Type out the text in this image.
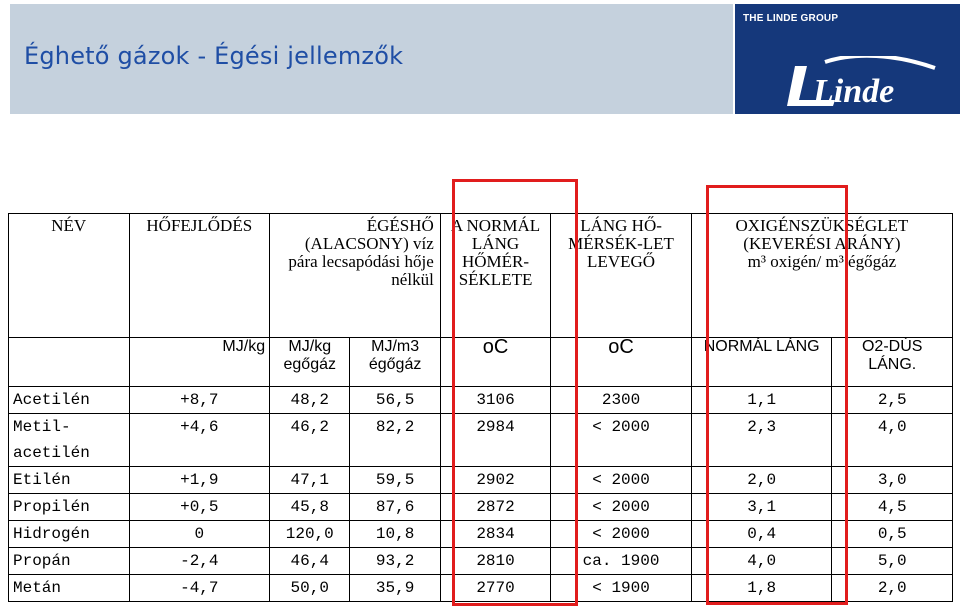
Éghető gázok - Égési jellemzők
THE LINDE GROUP
Linde
NÉV	HŐFEJLŐDÉS	ÉGÉSHŐ (ALACSONY) víz pára lecsapódási hője nélkül		A NORMÁL LÁNG HŐMÉR-SÉKLETE	LÁNG HŐ-MÉRSÉK-LET LEVEGŐ	OXIGÉNSZÜKSÉGLET (KEVERÉSI ARÁNY)
m³ oxigén/ m³ égőgáz	

	MJ/kg	MJ/kg egőgáz	MJ/m3 égőgáz	oC	oC	NORMÁL LÁNG	O2-DÚS LÁNG.
Acetilén	+8,7	48,2	56,5	3106	2300	1,1	2,5
Metil-acetilén	+4,6	46,2	82,2	2984	< 2000	2,3	4,0
Etilén	+1,9	47,1	59,5	2902	< 2000	2,0	3,0
Propilén	+0,5	45,8	87,6	2872	< 2000	3,1	4,5
Hidrogén	0	120,0	10,8	2834	< 2000	0,4	0,5
Propán	-2,4	46,4	93,2	2810	ca. 1900	4,0	5,0
Metán	-4,7	50,0	35,9	2770	< 1900	1,8	2,0
